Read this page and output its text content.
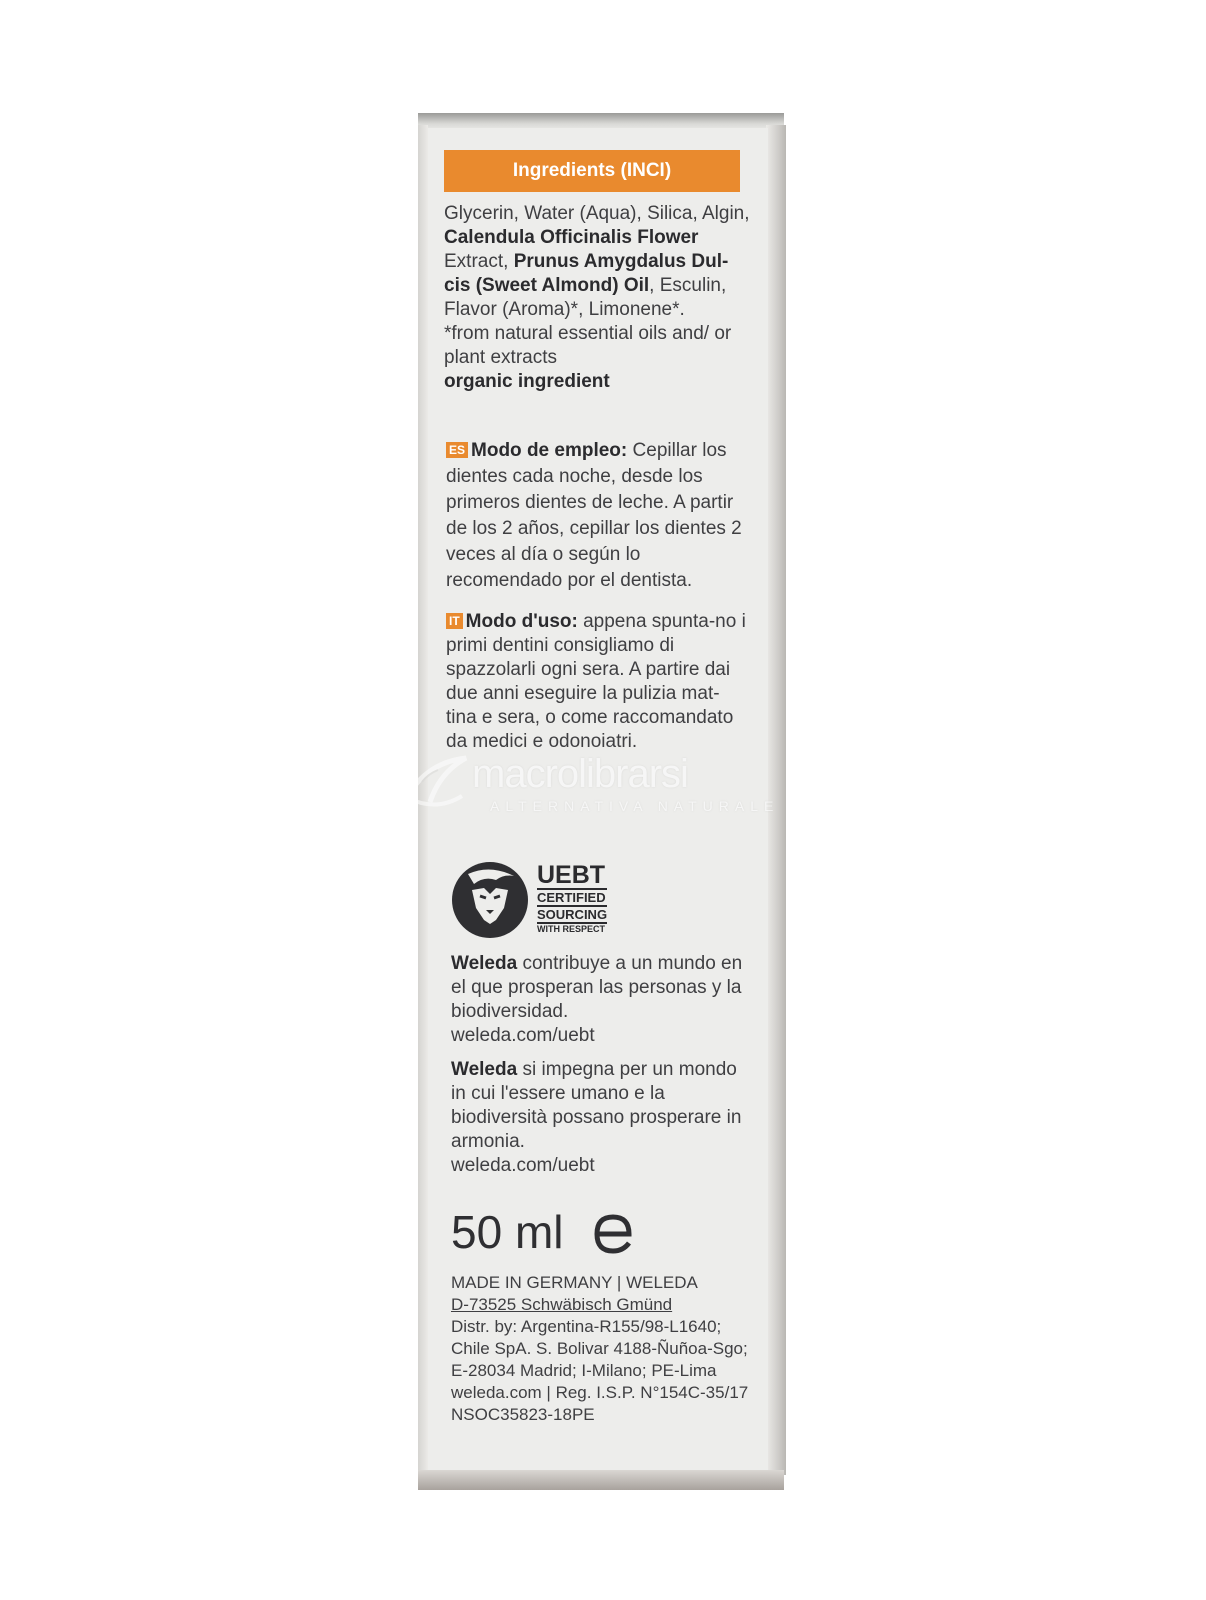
Ingredients (INCI)

Glycerin, Water (Aqua), Silica, Algin, Calendula Officinalis Flower Extract, Prunus Amygdalus Dul-cis (Sweet Almond) Oil, Esculin, Flavor (Aroma)*, Limonene*.
*from natural essential oils and/ or plant extracts
organic ingredient

ES Modo de empleo: Cepillar los dientes cada noche, desde los primeros dientes de leche. A partir de los 2 años, cepillar los dientes 2 veces al día o según lo recomendado por el dentista.

IT Modo d'uso: appena spunta-no i primi dentini consigliamo di spazzolarli ogni sera. A partire dai due anni eseguire la pulizia mat-tina e sera, o come raccomandato da medici e odonoiatri.

macrolibrarsi
ALTERNATIVA NATURALE
UEBT
CERTIFIED
SOURCING
WITH RESPECT

Weleda contribuye a un mundo en el que prosperan las personas y la biodiversidad.
weleda.com/uebt

Weleda si impegna per un mondo in cui l'essere umano e la biodiversità possano prosperare in armonia.
weleda.com/uebt

50 ml

MADE IN GERMANY | WELEDA
D-73525 Schwäbisch Gmünd
Distr. by: Argentina-R155/98-L1640; Chile SpA. S. Bolivar 4188-Ñuñoa-Sgo; E-28034 Madrid; I-Milano; PE-Lima
weleda.com | Reg. I.S.P. N°154C-35/17
NSOC35823-18PE
